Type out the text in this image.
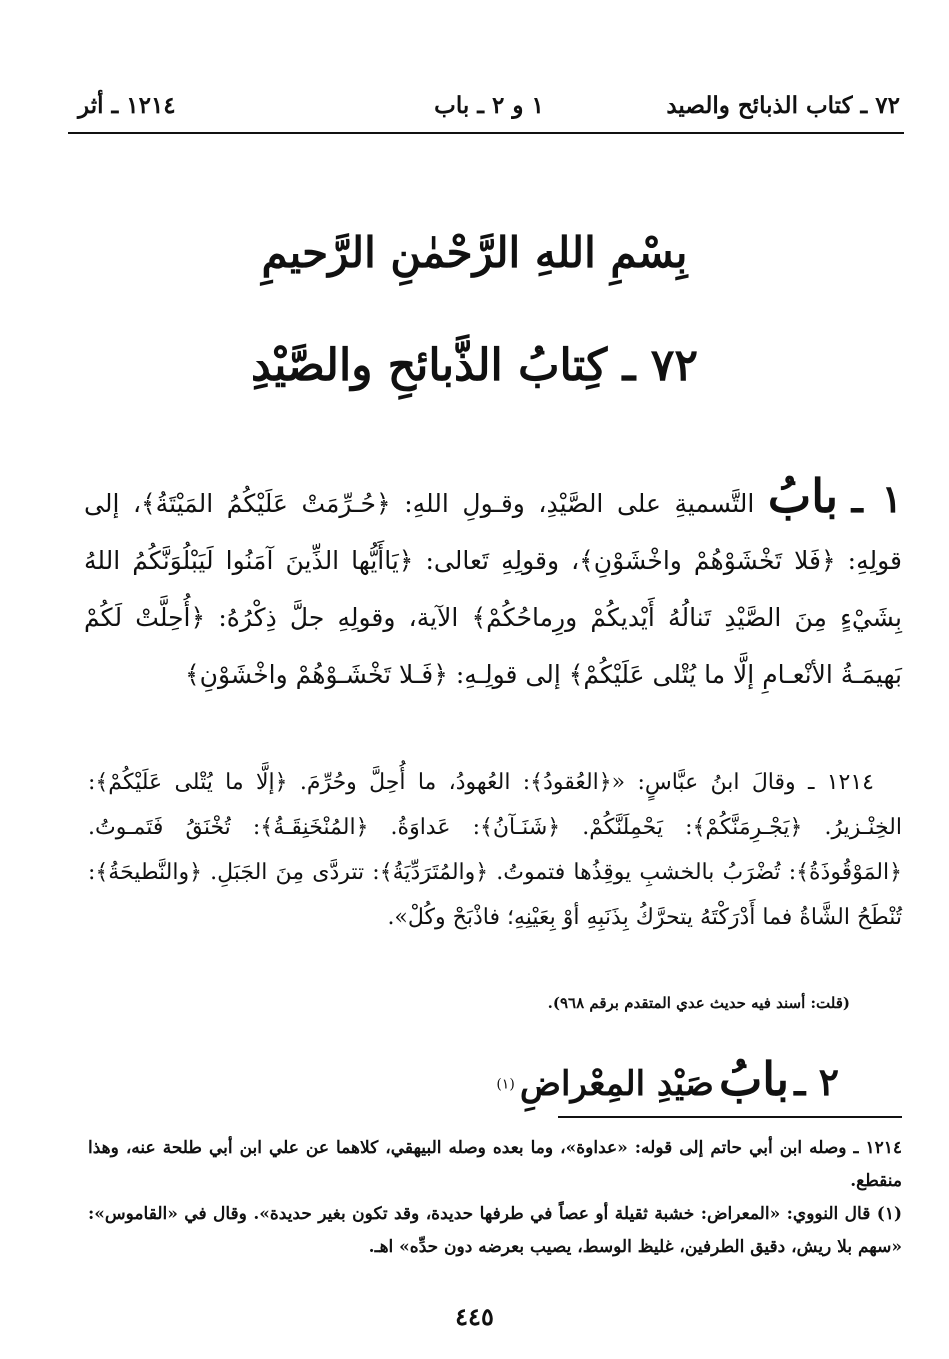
٧٢ ـ كتاب الذبائح والصيد
١ و ٢ ـ باب
١٢١٤ ـ أثر
بِسْمِ اللهِ الرَّحْمٰنِ الرَّحيمِ
٧٢ ـ كِتابُ الذَّبائحِ والصَّيْدِ
١ ـ بابُ التَّسميةِ على الصَّيْدِ، وقـولِ اللهِ: ﴿حُـرِّمَتْ عَلَيْكُمُ المَيْتَةُ﴾، إلى قولِهِ: ﴿فَلا تَخْشَوْهُمْ واخْشَوْنِ﴾، وقولِهِ تَعالى: ﴿يَاأَيُّها الذِّينَ آمَنُوا لَيَبْلُوَنَّكُمُ اللهُ بِشَيْءٍ مِنَ الصَّيْدِ تَنالُهُ أَيْديكُمْ ورِماحُكُمْ﴾ الآية، وقولِهِ جلَّ ذِكْرُهُ: ﴿أُحِلَّتْ لَكُمْ بَهيمَـةُ الأنْعـامِ إلَّا ما يُتْلى عَلَيْكُمْ﴾ إلى قولِـهِ: ﴿فَـلا تَخْشَـوْهُمْ واخْشَوْنِ﴾
١٢١٤ ـ وقالَ ابنُ عبَّاسٍ: «﴿العُقودُ﴾: العُهودُ، ما أُحِلَّ وحُرِّمَ. ﴿إلَّا ما يُتْلى عَلَيْكُمْ﴾: الخِنْـزيرُ. ﴿يَجْـرِمَنَّكُمْ﴾: يَحْمِلَنَّكُمْ. ﴿شَنَـآنُ﴾: عَداوَةُ. ﴿المُنْخَنِقَـةُ﴾: تُخْنَقُ فَتَمـوتُ. ﴿المَوْقُوذَةُ﴾: تُضْرَبُ بالخشبِ يوقِذُها فتموتُ. ﴿والمُتَرَدِّيَةُ﴾: تتردَّى مِنَ الجَبَلِ. ﴿والنَّطيحَةُ﴾: تُنْطَحُ الشَّاةُ فما أَدْرَكْتَهُ يتحرَّكُ بِذَنَبِهِ أوْ بِعَيْنِهِ؛ فاذْبَحْ وكُلْ».
(قلت: أسند فيه حديث عدي المتقدم برقم ٩٦٨).
٢ ـ بابُ صَيْدِ المِعْراضِ (١)

١٢١٤ ـ وصله ابن أبي حاتم إلى قوله: «عداوة»، وما بعده وصله البيهقي، كلاهما عن علي ابن أبي طلحة عنه، وهذا منقطع.

(١) قال النووي: «المعراض: خشبة ثقيلة أو عصاً في طرفها حديدة، وقد تكون بغير حديدة». وقال في «القاموس»: «سهم بلا ريش، دقيق الطرفين، غليظ الوسط، يصيب بعرضه دون حدِّه» اهـ.

٤٤٥
